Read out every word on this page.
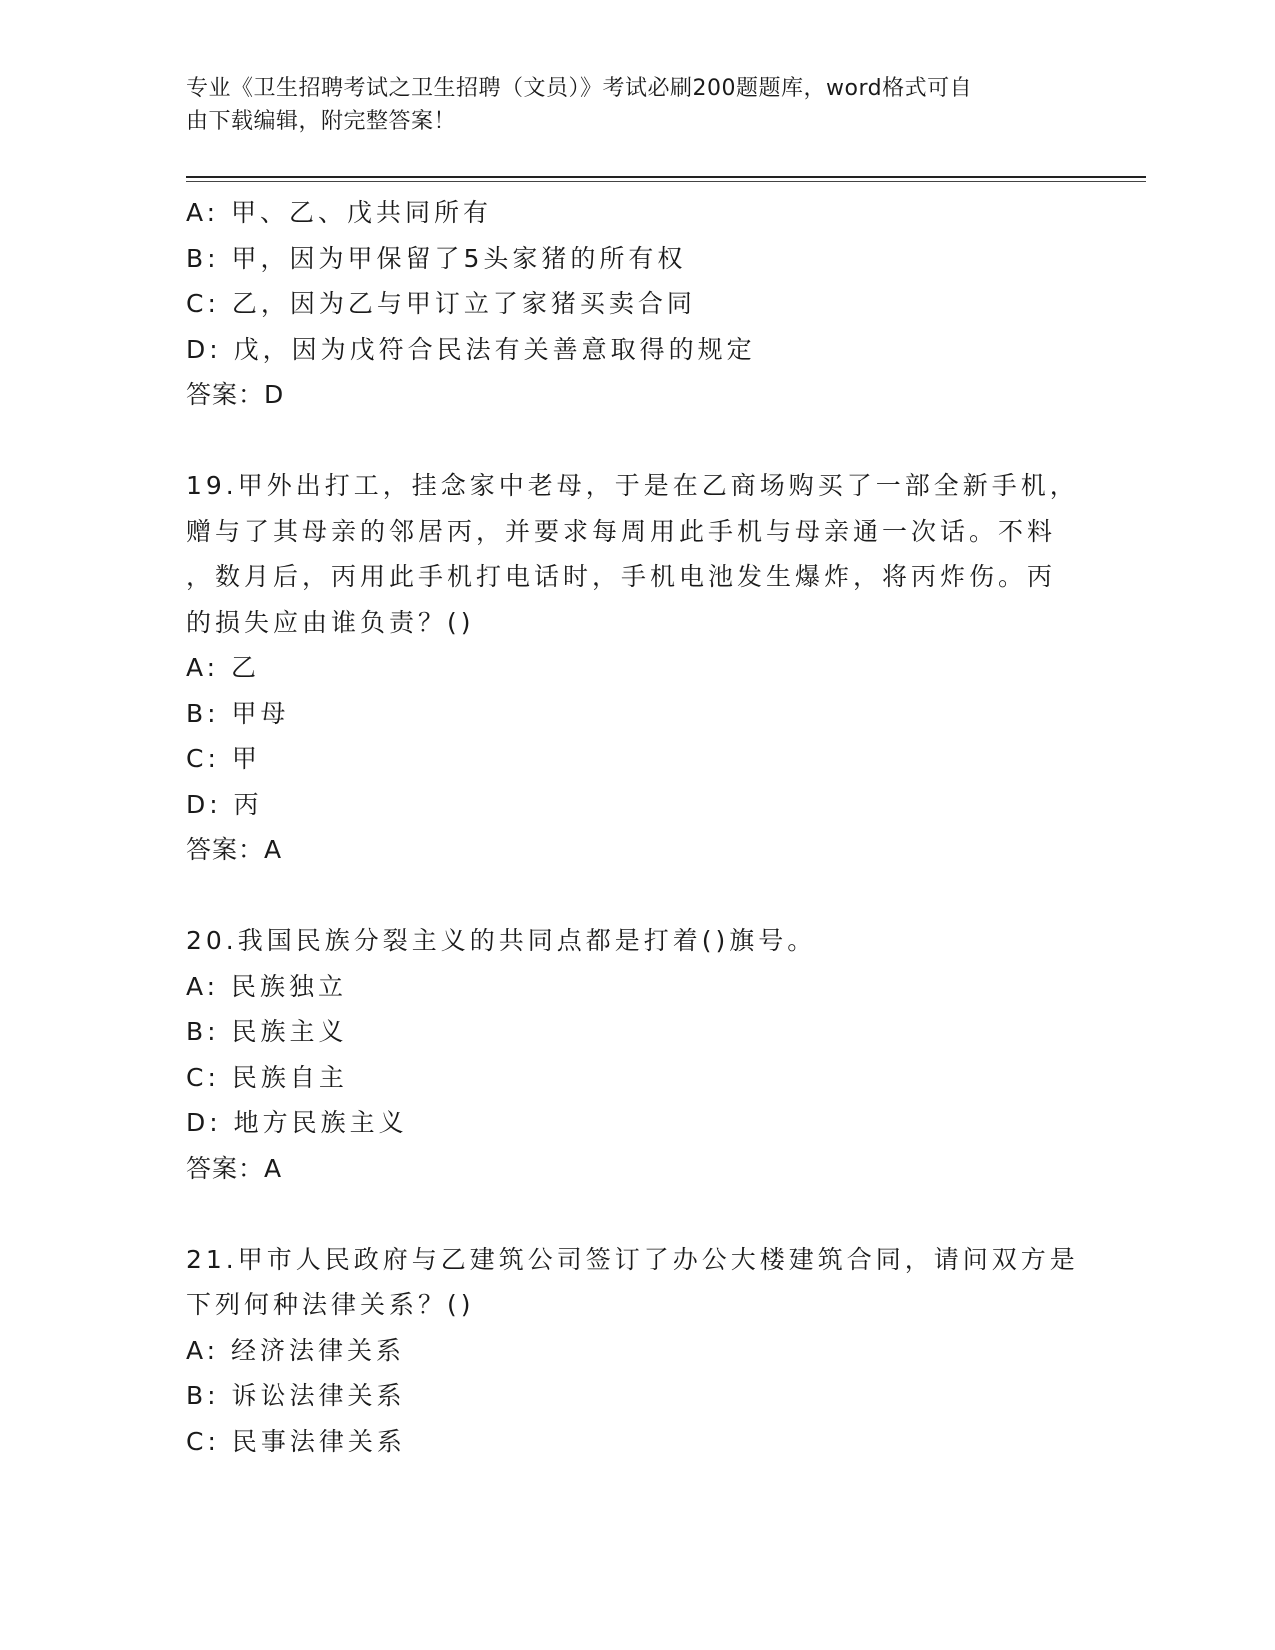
专业《卫生招聘考试之卫生招聘（文员）》考试必刷200题题库，word格式可自
由下载编辑，附完整答案！
A: 甲、乙、戊共同所有
B: 甲，因为甲保留了5头家猪的所有权
C: 乙，因为乙与甲订立了家猪买卖合同
D: 戊，因为戊符合民法有关善意取得的规定
答案：D
19.甲外出打工，挂念家中老母，于是在乙商场购买了一部全新手机，
赠与了其母亲的邻居丙，并要求每周用此手机与母亲通一次话。不料
，数月后，丙用此手机打电话时，手机电池发生爆炸，将丙炸伤。丙
的损失应由谁负责？()
A: 乙
B: 甲母
C: 甲
D: 丙
答案：A
20.我国民族分裂主义的共同点都是打着()旗号。
A: 民族独立
B: 民族主义
C: 民族自主
D: 地方民族主义
答案：A
21.甲市人民政府与乙建筑公司签订了办公大楼建筑合同，请问双方是
下列何种法律关系？()
A: 经济法律关系
B: 诉讼法律关系
C: 民事法律关系
